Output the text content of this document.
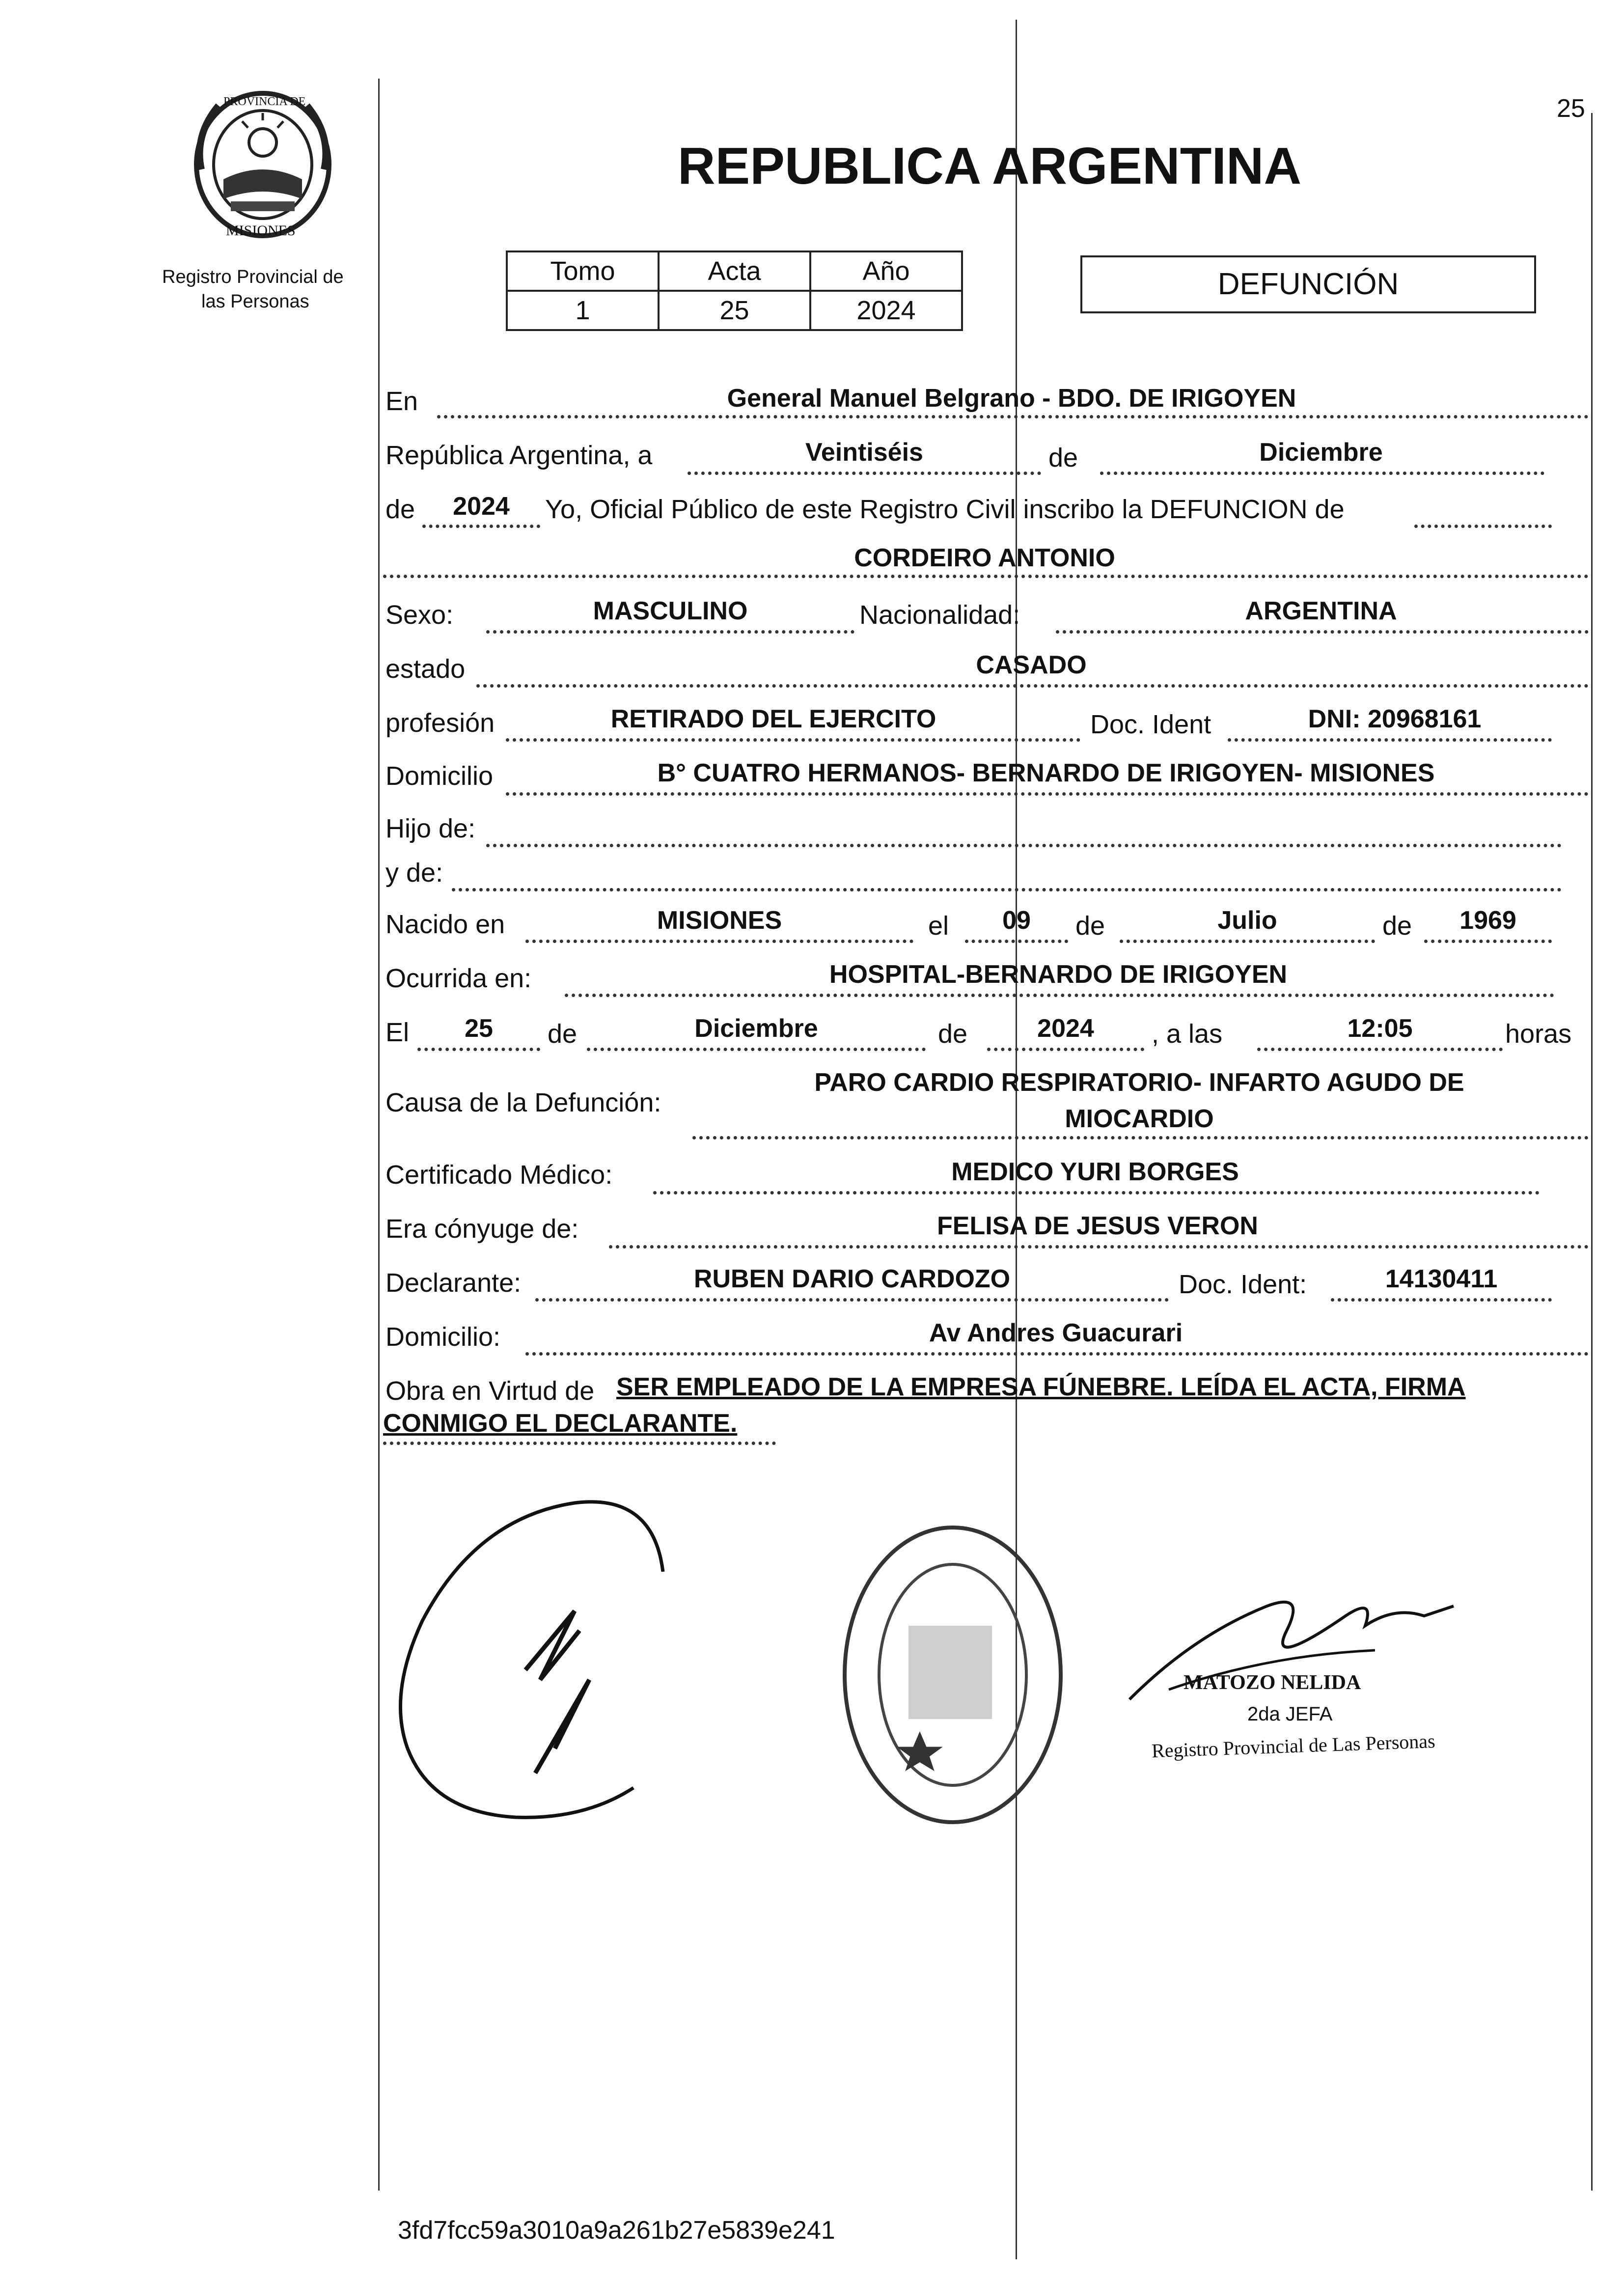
25
PROVINCIA DE
MISIONES
Registro Provincial de
las Personas
REPUBLICA ARGENTINA
Tomo	Acta	Año
1	25	2024
DEFUNCIÓN
En	General Manuel Belgrano - BDO. DE IRIGOYEN
República Argentina, a	Veintiséis	de	Diciembre
de	2024	Yo, Oficial Público de este Registro Civil inscribo la DEFUNCION de
CORDEIRO ANTONIO
Sexo:	MASCULINO	Nacionalidad:	ARGENTINA
estado	CASADO
profesión	RETIRADO DEL EJERCITO	Doc. Ident	DNI: 20968161
Domicilio	B° CUATRO HERMANOS- BERNARDO DE IRIGOYEN- MISIONES
Hijo de:
y de:
Nacido en	MISIONES	el	09	de	Julio	de	1969
Ocurrida en:	HOSPITAL-BERNARDO DE IRIGOYEN
El	25	de	Diciembre	de	2024	, a las	12:05	horas
Causa de la Defunción:
PARO CARDIO RESPIRATORIO- INFARTO AGUDO DE
MIOCARDIO
Certificado Médico:	MEDICO YURI BORGES
Era cónyuge de:	FELISA DE JESUS VERON
Declarante:	RUBEN DARIO CARDOZO	Doc. Ident:	14130411
Domicilio:	Av Andres Guacurari
Obra en Virtud de SER EMPLEADO DE LA EMPRESA FÚNEBRE. LEÍDA EL ACTA, FIRMA
CONMIGO EL DECLARANTE.
MATOZO NELIDA
2da JEFA
Registro Provincial de Las Personas
3fd7fcc59a3010a9a261b27e5839e241
